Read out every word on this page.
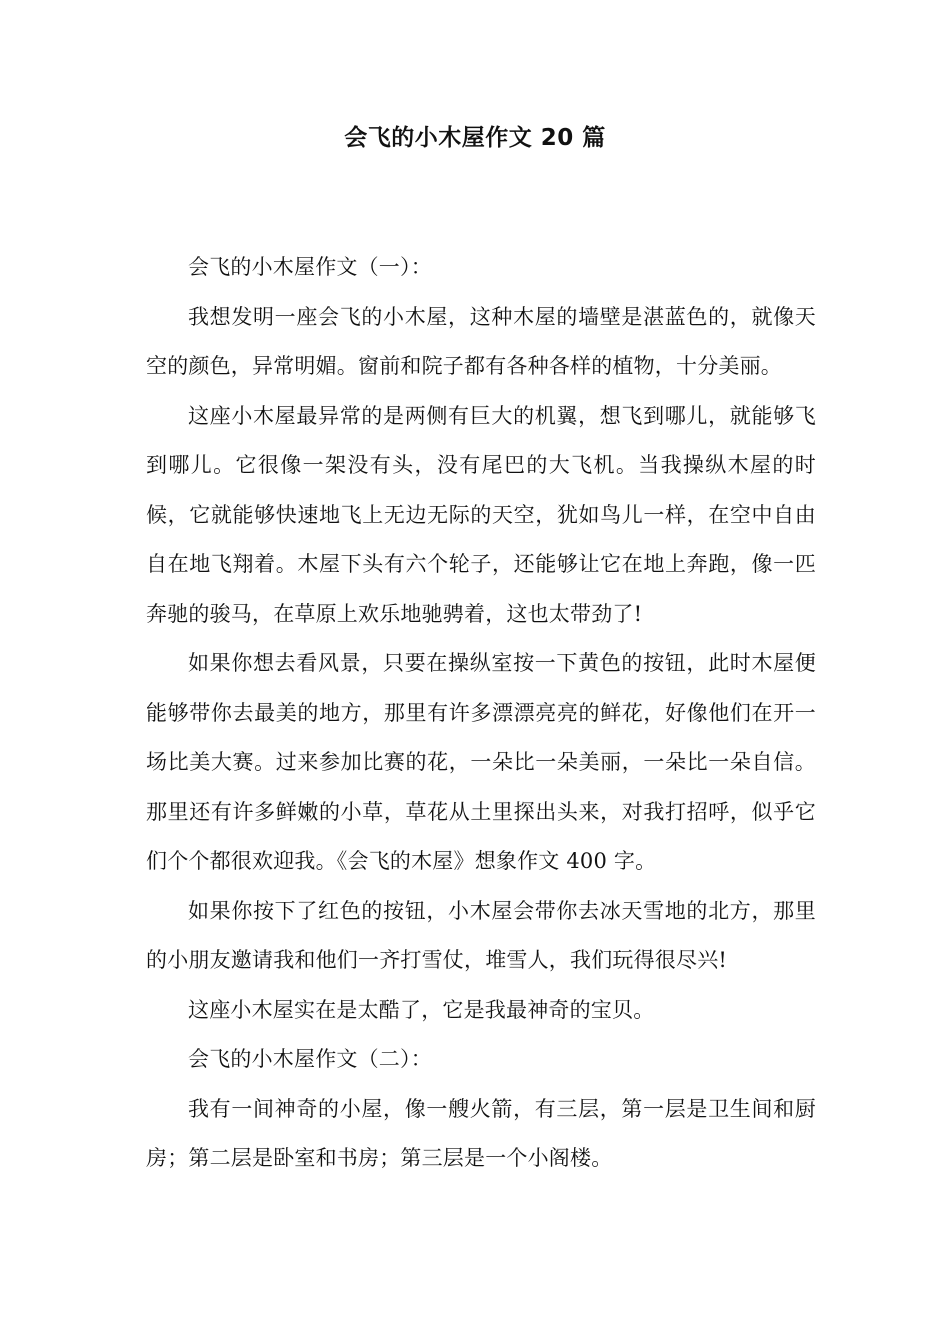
会飞的小木屋作文 20 篇

会飞的小木屋作文（一）：

我想发明一座会飞的小木屋，这种木屋的墙壁是湛蓝色的，就像天空的颜色，异常明媚。窗前和院子都有各种各样的植物，十分美丽。

这座小木屋最异常的是两侧有巨大的机翼，想飞到哪儿，就能够飞到哪儿。它很像一架没有头，没有尾巴的大飞机。当我操纵木屋的时候，它就能够快速地飞上无边无际的天空，犹如鸟儿一样，在空中自由自在地飞翔着。木屋下头有六个轮子，还能够让它在地上奔跑，像一匹奔驰的骏马，在草原上欢乐地驰骋着，这也太带劲了!

如果你想去看风景，只要在操纵室按一下黄色的按钮，此时木屋便能够带你去最美的地方，那里有许多漂漂亮亮的鲜花，好像他们在开一场比美大赛。过来参加比赛的花，一朵比一朵美丽，一朵比一朵自信。那里还有许多鲜嫩的小草，草花从土里探出头来，对我打招呼，似乎它们个个都很欢迎我。《会飞的木屋》想象作文 400 字。

如果你按下了红色的按钮，小木屋会带你去冰天雪地的北方，那里的小朋友邀请我和他们一齐打雪仗，堆雪人，我们玩得很尽兴!

这座小木屋实在是太酷了，它是我最神奇的宝贝。

会飞的小木屋作文（二）：

我有一间神奇的小屋，像一艘火箭，有三层，第一层是卫生间和厨房；第二层是卧室和书房；第三层是一个小阁楼。
